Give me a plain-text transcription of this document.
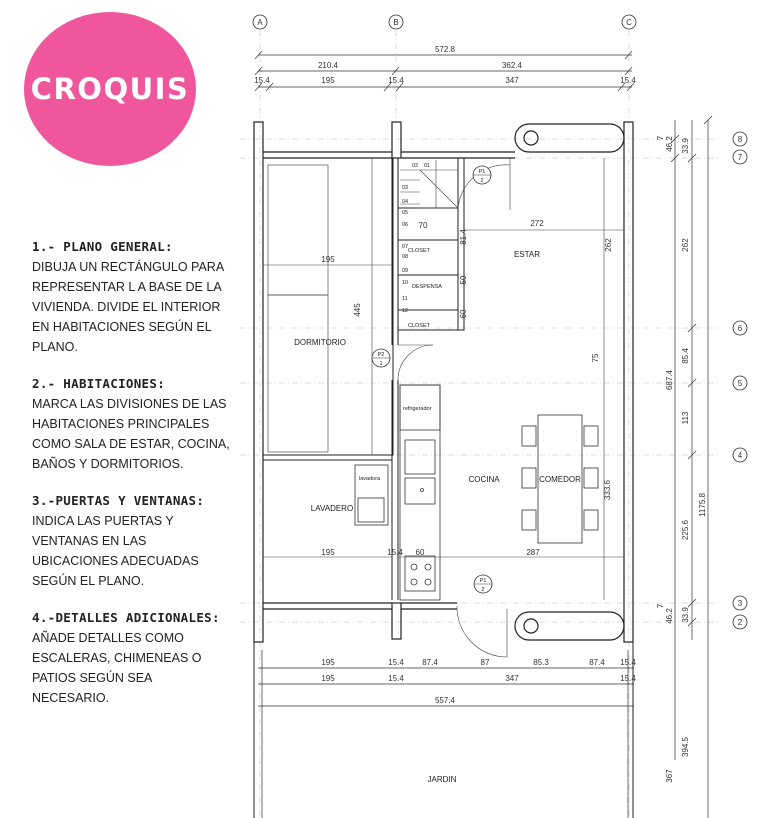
CROQUIS
1.- PLANO GENERAL:

DIBUJA UN RECTÁNGULO PARA REPRESENTAR L A BASE DE LA VIVIENDA. DIVIDE EL INTERIOR EN HABITACIONES SEGÚN EL PLANO.

2.- HABITACIONES:

MARCA LAS DIVISIONES DE LAS HABITACIONES PRINCIPALES COMO SALA DE ESTAR, COCINA, BAÑOS Y DORMITORIOS.

3.-PUERTAS Y VENTANAS:

INDICA LAS PUERTAS Y VENTANAS EN LAS UBICACIONES ADECUADAS SEGÚN EL PLANO.

4.-DETALLES ADICIONALES:

AÑADE DETALLES COMO ESCALERAS, CHIMENEAS O PATIOS SEGÚN SEA NECESARIO.

A	B	C
572.8
210.4	362.4
15.4	195	15.4	347	15.4
02 01
03
04
05
06
07
08
09
10
11
12
CLOSET
DESPENSA
CLOSET
refrigerador
lavadora
ESTAR
DORMITORIO
COCINA	COMEDOR
LAVADERO
JARDIN
P1
2
P2
1
P1
2
70	272
262
81.4
50
60
195
445
75
333.6
195	15.4 60	287
195	15.4 87.4	87	85.3	87.4 15.4
195	15.4	347	15.4
557.4
7 46.2 33.9
262
687.4
85.4
113
1175.8
225.6
7
46.2 33.9
394.5
367
8
7
6
5
4
3
2
